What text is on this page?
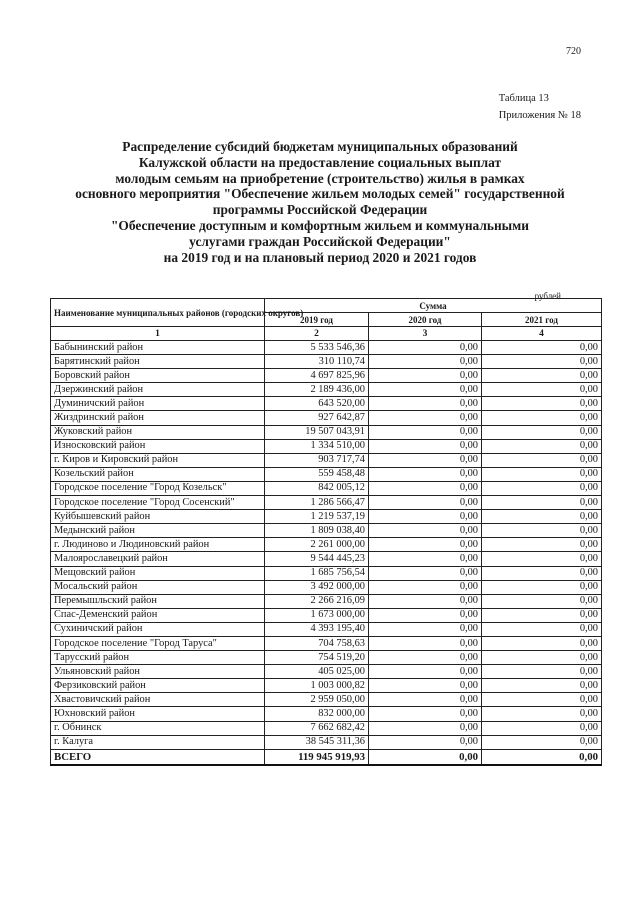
720
Таблица 13
Приложения № 18
Распределение субсидий бюджетам муниципальных образований
Калужской области на предоставление социальных выплат
молодым семьям на приобретение (строительство) жилья в рамках
основного мероприятия "Обеспечение жильем молодых семей" государственной
программы Российской Федерации
"Обеспечение доступным и комфортным жильем и коммунальными
услугами граждан Российской Федерации"
на 2019 год и на плановый период 2020 и 2021 годов
рублей
Наименование муниципальных районов (городских округов)	Сумма		
	2019 год	2020 год	2021 год
1	2	3	4
Бабынинский район	5 533 546,36	0,00	0,00
Барятинский район	310 110,74	0,00	0,00
Боровский район	4 697 825,96	0,00	0,00
Дзержинский район	2 189 436,00	0,00	0,00
Думиничский район	643 520,00	0,00	0,00
Жиздринский район	927 642,87	0,00	0,00
Жуковский район	19 507 043,91	0,00	0,00
Износковский район	1 334 510,00	0,00	0,00
г. Киров и Кировский район	903 717,74	0,00	0,00
Козельский район	559 458,48	0,00	0,00
Городское поселение "Город Козельск"	842 005,12	0,00	0,00
Городское поселение "Город Сосенский"	1 286 566,47	0,00	0,00
Куйбышевский район	1 219 537,19	0,00	0,00
Медынский район	1 809 038,40	0,00	0,00
г. Людиново и Людиновский район	2 261 000,00	0,00	0,00
Малоярославецкий район	9 544 445,23	0,00	0,00
Мещовский район	1 685 756,54	0,00	0,00
Мосальский район	3 492 000,00	0,00	0,00
Перемышльский район	2 266 216,09	0,00	0,00
Спас-Деменский район	1 673 000,00	0,00	0,00
Сухиничский район	4 393 195,40	0,00	0,00
Городское поселение "Город Таруса"	704 758,63	0,00	0,00
Тарусский район	754 519,20	0,00	0,00
Ульяновский район	405 025,00	0,00	0,00
Ферзиковский район	1 003 000,82	0,00	0,00
Хвастовичский район	2 959 050,00	0,00	0,00
Юхновский район	832 000,00	0,00	0,00
г. Обнинск	7 662 682,42	0,00	0,00
г. Калуга	38 545 311,36	0,00	0,00
ВСЕГО	119 945 919,93	0,00	0,00
